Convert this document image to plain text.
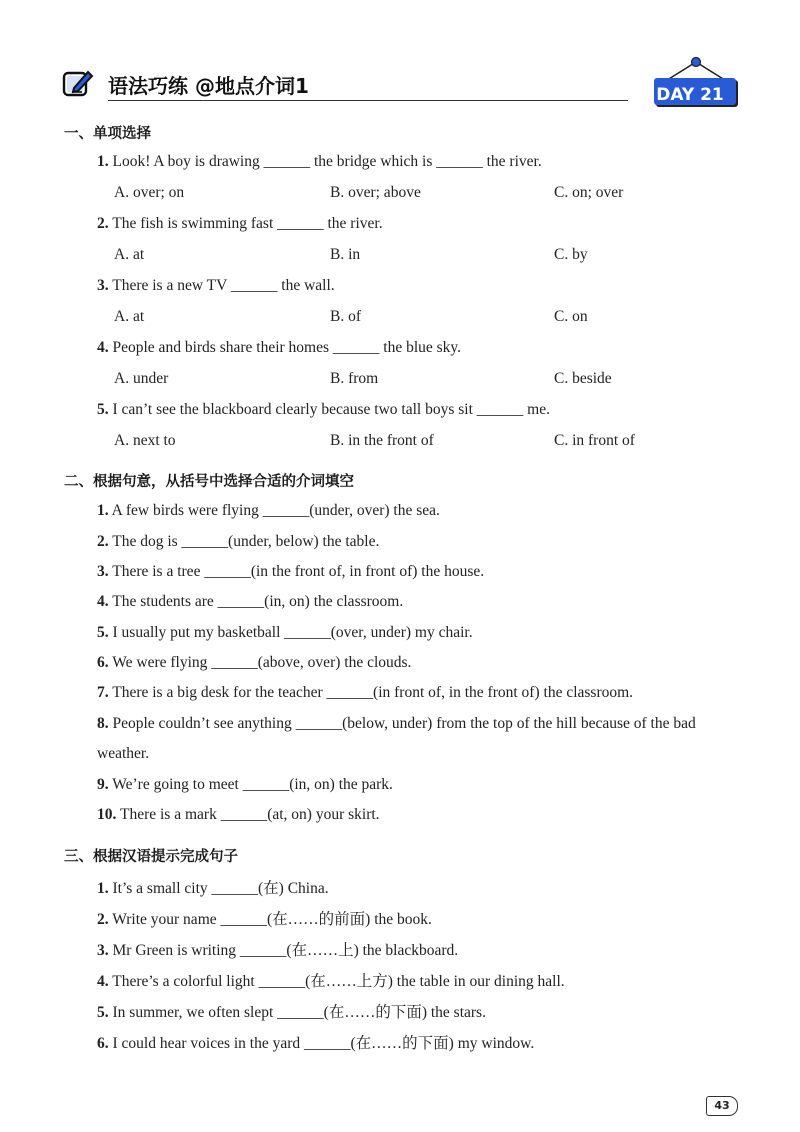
语法巧练 @地点介词1	DAY 21
一、单项选择
1. Look! A boy is drawing ______ the bridge which is ______ the river.
A. over; on	B. over; above	C. on; over
2. The fish is swimming fast ______ the river.
A. at	B. in	C. by
3. There is a new TV ______ the wall.
A. at	B. of	C. on
4. People and birds share their homes ______ the blue sky.
A. under	B. from	C. beside
5. I can’t see the blackboard clearly because two tall boys sit ______ me.
A. next to	B. in the front of	C. in front of
二、根据句意，从括号中选择合适的介词填空
1. A few birds were flying ______(under, over) the sea.
2. The dog is ______(under, below) the table.
3. There is a tree ______(in the front of, in front of) the house.
4. The students are ______(in, on) the classroom.
5. I usually put my basketball ______(over, under) my chair.
6. We were flying ______(above, over) the clouds.
7. There is a big desk for the teacher ______(in front of, in the front of) the classroom.
8. People couldn’t see anything ______(below, under) from the top of the hill because of the bad weather.
9. We’re going to meet ______(in, on) the park.
10. There is a mark ______(at, on) your skirt.
三、根据汉语提示完成句子
1. It’s a small city ______(在) China.
2. Write your name ______(在……的前面) the book.
3. Mr Green is writing ______(在……上) the blackboard.
4. There’s a colorful light ______(在……上方) the table in our dining hall.
5. In summer, we often slept ______(在……的下面) the stars.
6. I could hear voices in the yard ______(在……的下面) my window.
43
